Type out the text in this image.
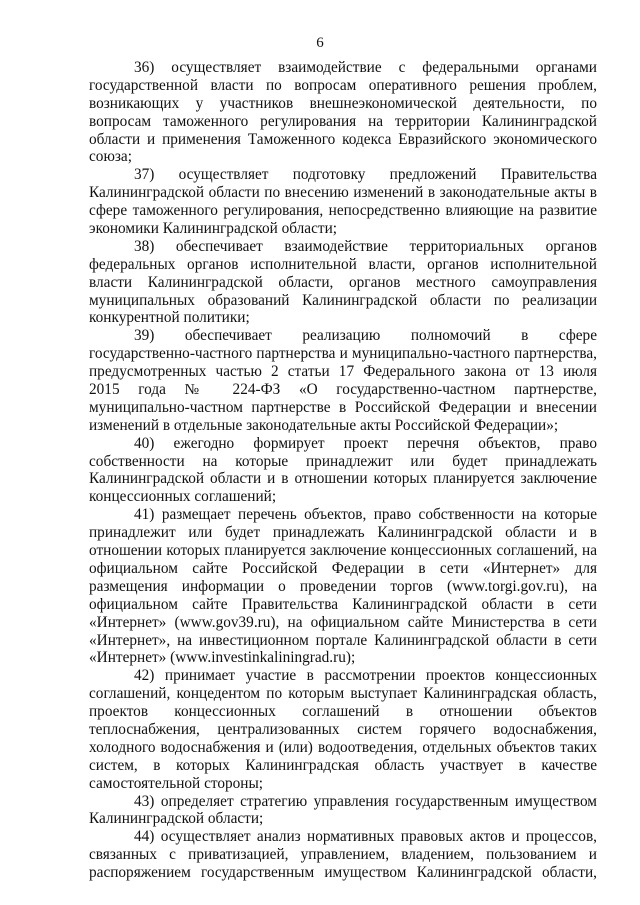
6
36) осуществляет взаимодействие с федеральными органами
государственной власти по вопросам оперативного решения проблем,
возникающих у участников внешнеэкономической деятельности, по
вопросам таможенного регулирования на территории Калининградской
области и применения Таможенного кодекса Евразийского экономического
союза;
37) осуществляет подготовку предложений Правительства
Калининградской области по внесению изменений в законодательные акты в
сфере таможенного регулирования, непосредственно влияющие на развитие
экономики Калининградской области;
38) обеспечивает взаимодействие территориальных органов
федеральных органов исполнительной власти, органов исполнительной
власти Калининградской области, органов местного самоуправления
муниципальных образований Калининградской области по реализации
конкурентной политики;
39) обеспечивает реализацию полномочий в сфере
государственно-частного партнерства и муниципально-частного партнерства,
предусмотренных частью 2 статьи 17 Федерального закона от 13 июля
2015 года № 224-ФЗ «О государственно-частном партнерстве,
муниципально-частном партнерстве в Российской Федерации и внесении
изменений в отдельные законодательные акты Российской Федерации»;
40) ежегодно формирует проект перечня объектов, право
собственности на которые принадлежит или будет принадлежать
Калининградской области и в отношении которых планируется заключение
концессионных соглашений;
41) размещает перечень объектов, право собственности на которые
принадлежит или будет принадлежать Калининградской области и в
отношении которых планируется заключение концессионных соглашений, на
официальном сайте Российской Федерации в сети «Интернет» для
размещения информации о проведении торгов (www.torgi.gov.ru), на
официальном сайте Правительства Калининградской области в сети
«Интернет» (www.gov39.ru), на официальном сайте Министерства в сети
«Интернет», на инвестиционном портале Калининградской области в сети
«Интернет» (www.investinkaliningrad.ru);
42) принимает участие в рассмотрении проектов концессионных
соглашений, концедентом по которым выступает Калининградская область,
проектов концессионных соглашений в отношении объектов
теплоснабжения, централизованных систем горячего водоснабжения,
холодного водоснабжения и (или) водоотведения, отдельных объектов таких
систем, в которых Калининградская область участвует в качестве
самостоятельной стороны;
43) определяет стратегию управления государственным имуществом
Калининградской области;
44) осуществляет анализ нормативных правовых актов и процессов,
связанных с приватизацией, управлением, владением, пользованием и
распоряжением государственным имуществом Калининградской области,
